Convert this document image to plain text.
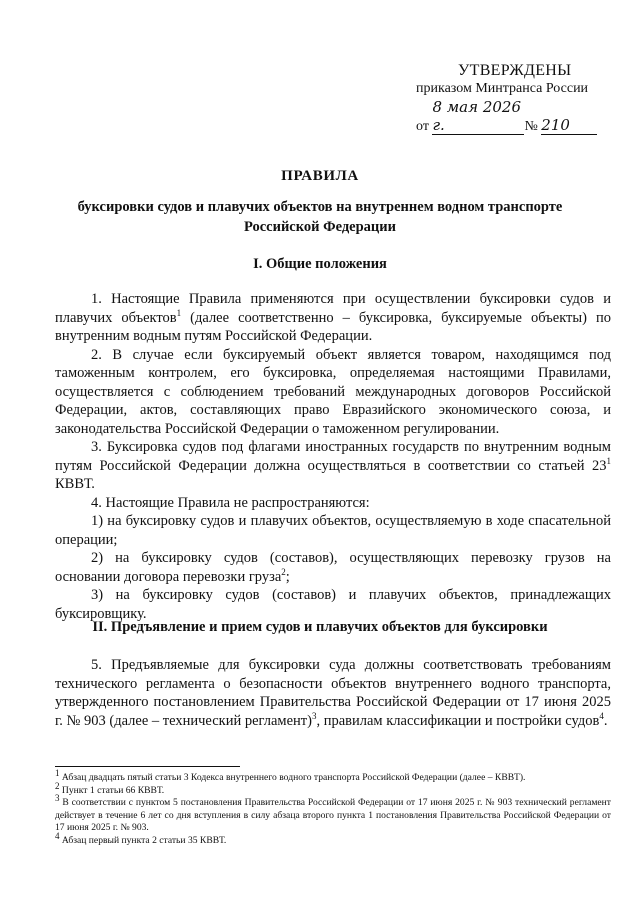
УТВЕРЖДЕНЫ
приказом Минтранса России
от 8 мая 2026 г.	№ 210
ПРАВИЛА
буксировки судов и плавучих объектов на внутреннем водном транспорте
Российской Федерации
I. Общие положения

1. Настоящие Правила применяются при осуществлении буксировки судов и плавучих объектов$^1$ (далее соответственно – буксировка, буксируемые объекты) по внутренним водным путям Российской Федерации.

2. В случае если буксируемый объект является товаром, находящимся под таможенным контролем, его буксировка, определяемая настоящими Правилами, осуществляется с соблюдением требований международных договоров Российской Федерации, актов, составляющих право Евразийского экономического союза, и законодательства Российской Федерации о таможенном регулировании.

3. Буксировка судов под флагами иностранных государств по внутренним водным путям Российской Федерации должна осуществляться в соответствии со статьей $23^1$ КВВТ.

4. Настоящие Правила не распространяются:

1) на буксировку судов и плавучих объектов, осуществляемую в ходе спасательной операции;

2) на буксировку судов (составов), осуществляющих перевозку грузов на основании договора перевозки груза$^2$;

3) на буксировку судов (составов) и плавучих объектов, принадлежащих буксировщику.

II. Предъявление и прием судов и плавучих объектов для буксировки

5. Предъявляемые для буксировки суда должны соответствовать требованиям технического регламента о безопасности объектов внутреннего водного транспорта, утвержденного постановлением Правительства Российской Федерации от 17 июня 2025 г. № 903 (далее – технический регламент)$^3$, правилам классификации и постройки судов$^4$.

$^1$ Абзац двадцать пятый статьи 3 Кодекса внутреннего водного транспорта Российской Федерации (далее – КВВТ).

$^2$ Пункт 1 статьи 66 КВВТ.

$^3$ В соответствии с пунктом 5 постановления Правительства Российской Федерации от 17 июня 2025 г. № 903 технический регламент действует в течение 6 лет со дня вступления в силу абзаца второго пункта 1 постановления Правительства Российской Федерации от 17 июня 2025 г. № 903.

$^4$ Абзац первый пункта 2 статьи 35 КВВТ.
